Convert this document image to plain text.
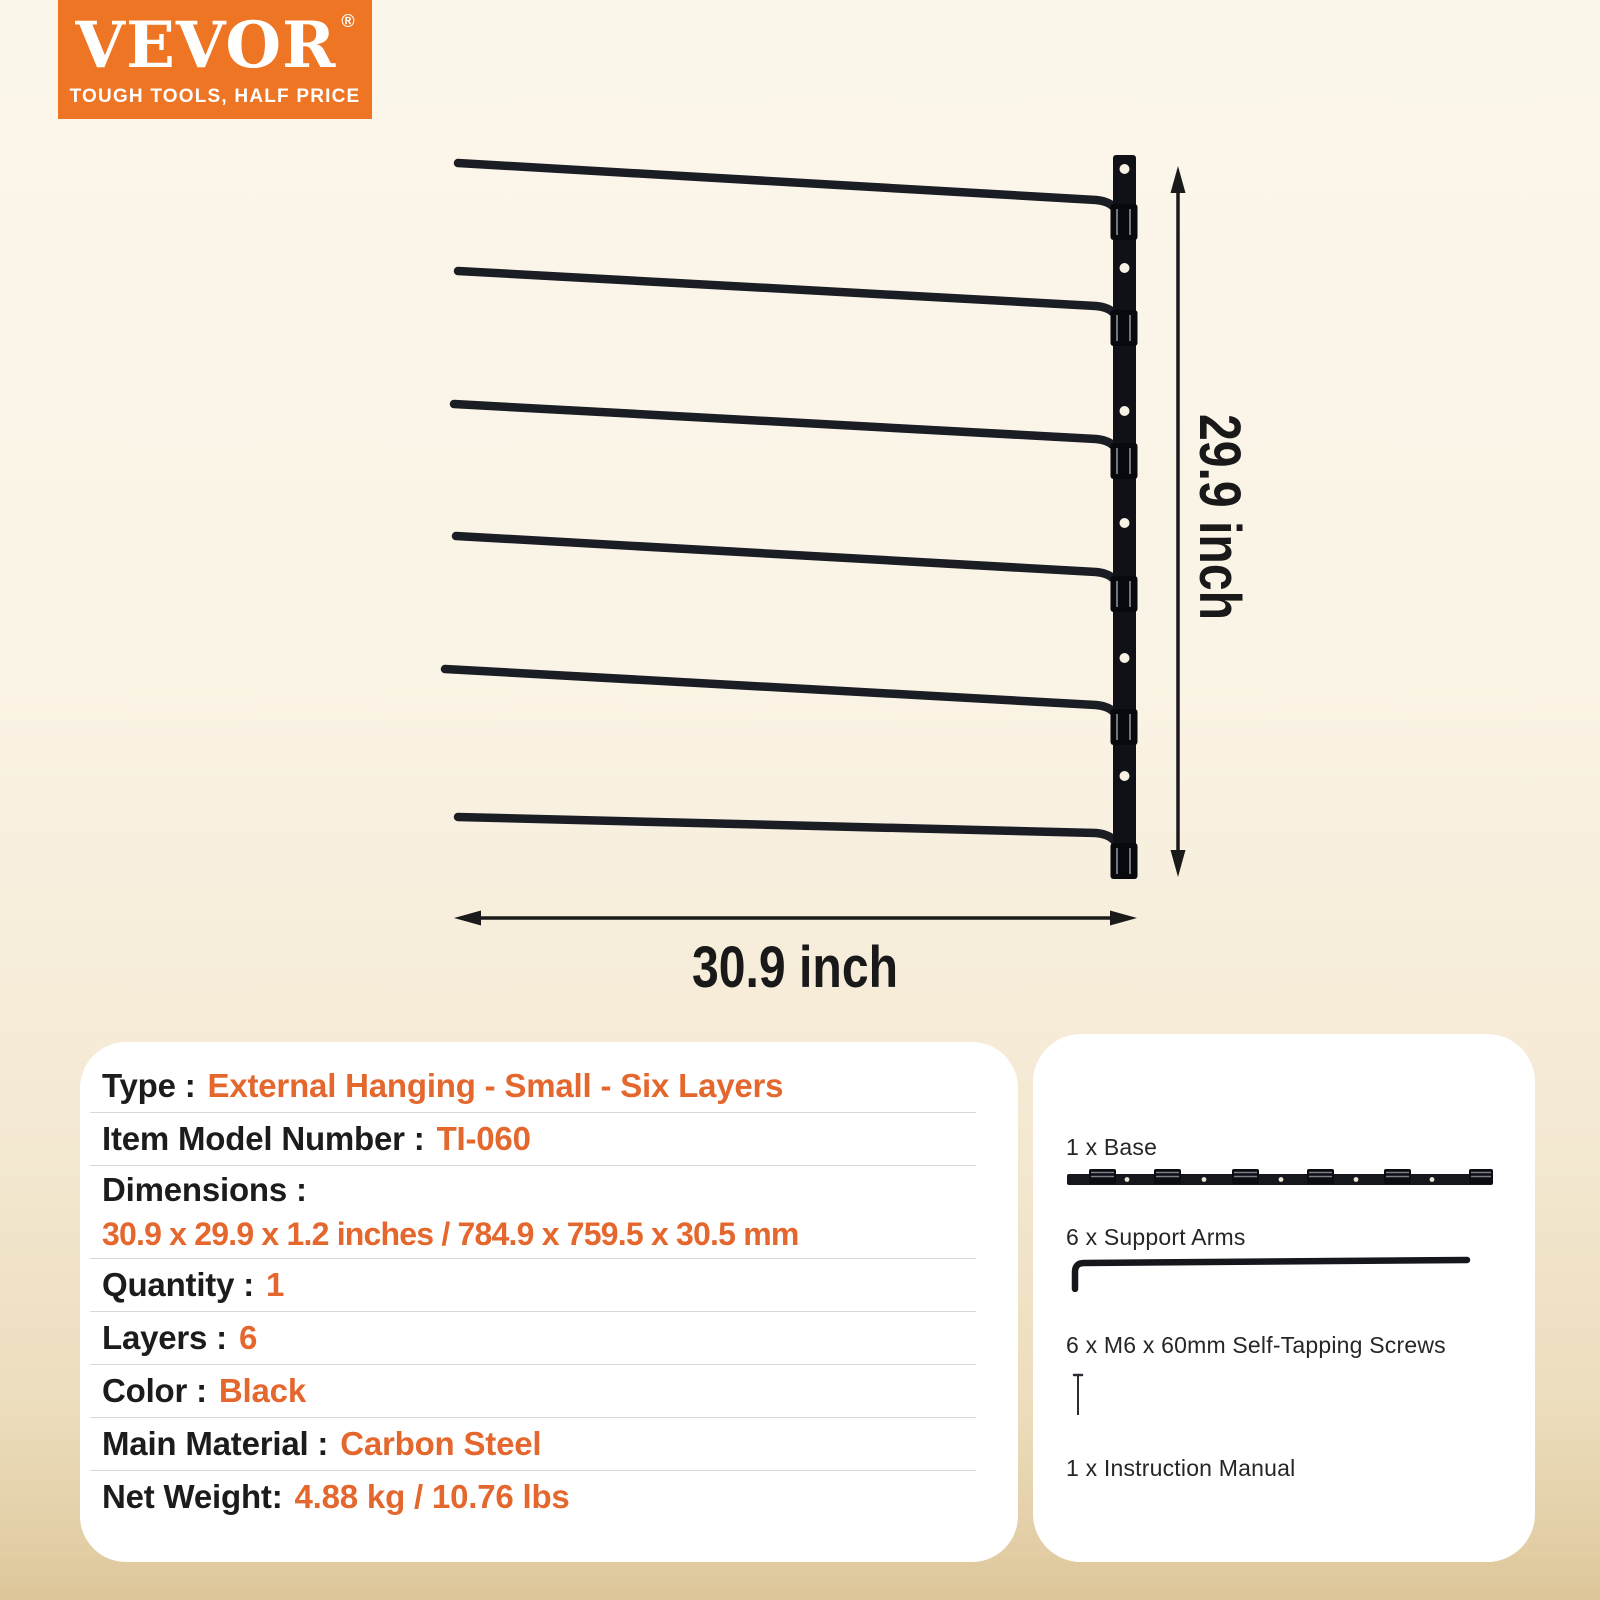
VEVOR ®
TOUGH TOOLS, HALF PRICE
29.9 inch
30.9 inch
Type : External Hanging - Small - Six Layers
Item Model Number : TI-060
Dimensions :
30.9 x 29.9 x 1.2 inches / 784.9 x 759.5 x 30.5 mm
Quantity : 1
Layers : 6
Color : Black
Main Material : Carbon Steel
Net Weight: 4.88 kg / 10.76 lbs
1 x Base
6 x Support Arms
6 x M6 x 60mm Self-Tapping Screws
1 x Instruction Manual
